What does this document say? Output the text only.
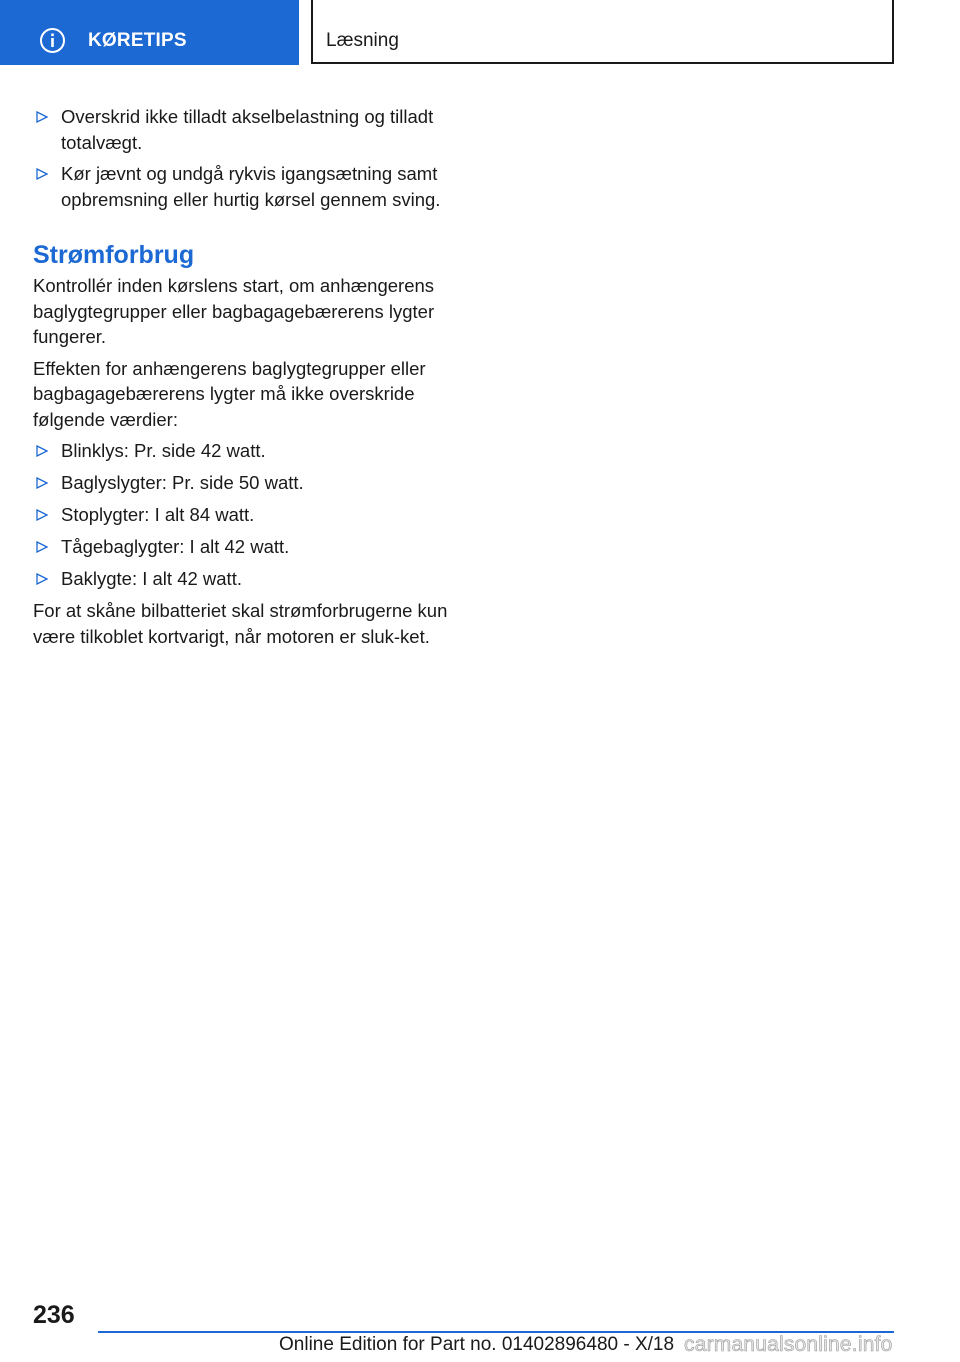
KØRETIPS	Læsning
Overskrid ikke tilladt akselbelastning og tilladt totalvægt.
Kør jævnt og undgå rykvis igangsætning samt opbremsning eller hurtig kørsel gennem sving.
Strømforbrug

Kontrollér inden kørslens start, om anhængerens baglygtegrupper eller bagbagagebærerens lygter fungerer.

Effekten for anhængerens baglygtegrupper eller bagbagagebærerens lygter må ikke overskride følgende værdier:

Blinklys: Pr. side 42 watt.
Baglyslygter: Pr. side 50 watt.
Stoplygter: I alt 84 watt.
Tågebaglygter: I alt 42 watt.
Baklygte: I alt 42 watt.

For at skåne bilbatteriet skal strømforbrugerne kun være tilkoblet kortvarigt, når motoren er sluk‐ket.

236
Online Edition for Part no. 01402896480 - X/18 carmanualsonline.info
